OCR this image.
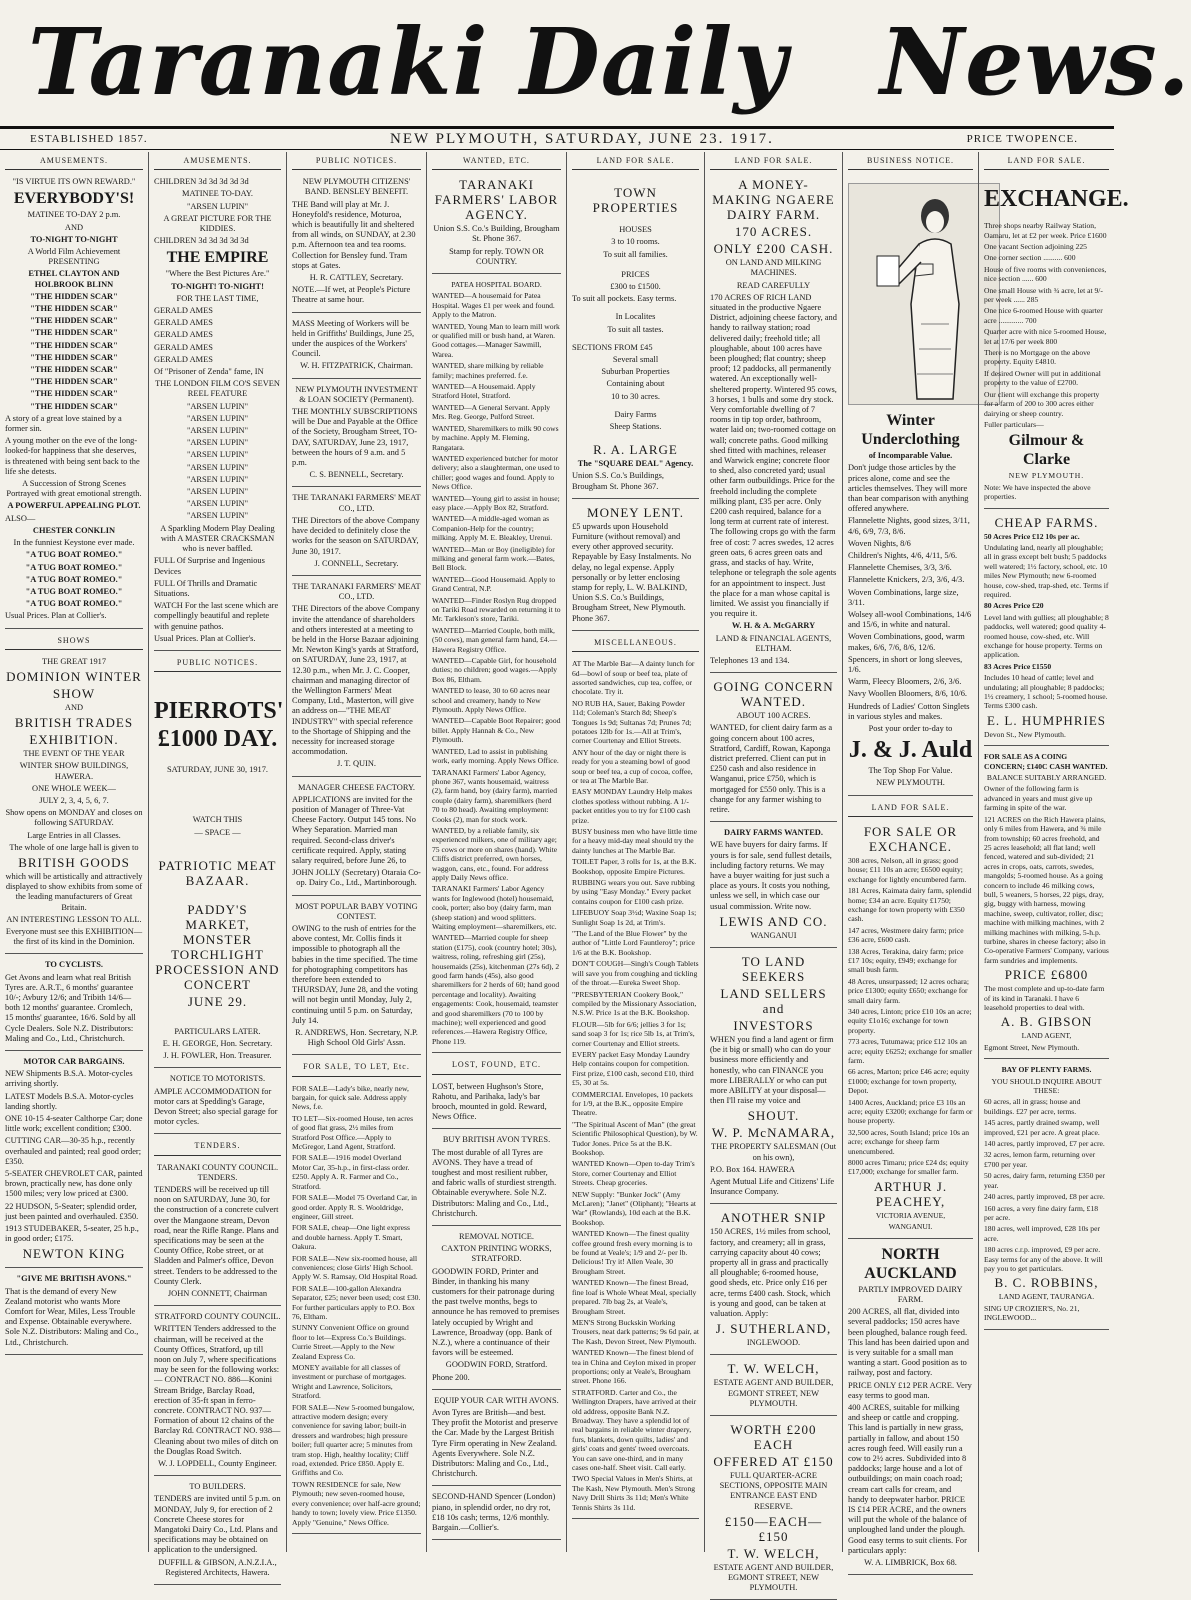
Taranaki Daily News.
ESTABLISHED 1857.	NEW PLYMOUTH, SATURDAY, JUNE 23. 1917.	PRICE TWOPENCE.
AMUSEMENTS.

"IS VIRTUE ITS OWN REWARD."

EVERYBODY'S!

MATINEE TO-DAY 2 p.m.

AND

TO-NIGHT TO-NIGHT

A World Film Achievement PRESENTING

ETHEL CLAYTON AND HOLBROOK BLINN

"THE HIDDEN SCAR"

"THE HIDDEN SCAR"

"THE HIDDEN SCAR"

"THE HIDDEN SCAR"

"THE HIDDEN SCAR"

"THE HIDDEN SCAR"

"THE HIDDEN SCAR"

"THE HIDDEN SCAR"

"THE HIDDEN SCAR"

"THE HIDDEN SCAR"

A story of a great love stained by a former sin.

A young mother on the eve of the long-looked-for happiness that she deserves, is threatened with being sent back to the life she detests.

A Succession of Strong Scenes Portrayed with great emotional strength.

A POWERFUL APPEALING PLOT.

ALSO—

CHESTER CONKLIN

In the funniest Keystone ever made.

"A TUG BOAT ROMEO."

"A TUG BOAT ROMEO."

"A TUG BOAT ROMEO."

"A TUG BOAT ROMEO."

"A TUG BOAT ROMEO."

Usual Prices. Plan at Collier's.

SHOWS

THE GREAT 1917

DOMINION WINTER

SHOW

AND

BRITISH TRADES

EXHIBITION.

THE EVENT OF THE YEAR

WINTER SHOW BUILDINGS, HAWERA.

ONE WHOLE WEEK—

JULY 2, 3, 4, 5, 6, 7.

Show opens on MONDAY and closes on following SATURDAY.

Large Entries in all Classes.

The whole of one large hall is given to

BRITISH GOODS

which will be artistically and attractively displayed to show exhibits from some of the leading manufacturers of Great Britain.

AN INTERESTING LESSON TO ALL.

Everyone must see this EXHIBITION—the first of its kind in the Dominion.

TO CYCLISTS.

Get Avons and learn what real British Tyres are. A.R.T., 6 months' guarantee 10/-; Avbury 12/6; and Tribith 14/6—both 12 months' guarantee. Cromlech, 15 months' guarantee, 16/6. Sold by all Cycle Dealers. Sole N.Z. Distributors: Maling and Co., Ltd., Christchurch.

MOTOR CAR BARGAINS.

NEW Shipments B.S.A. Motor-cycles arriving shortly.

LATEST Models B.S.A. Motor-cycles landing shortly.

ONE 10-15 4-seater Calthorpe Car; done little work; excellent condition; £300.

CUTTING CAR—30-35 h.p., recently overhauled and painted; real good order; £350.

5-SEATER CHEVROLET CAR, painted brown, practically new, has done only 1500 miles; very low priced at £300.

22 HUDSON, 5-Seater; splendid order, just been painted and overhauled. £350.

1913 STUDEBAKER, 5-seater, 25 h.p., in good order; £175.

NEWTON KING

"GIVE ME BRITISH AVONS."

That is the demand of every New Zealand motorist who wants More Comfort for Wear, Miles, Less Trouble and Expense. Obtainable everywhere. Sole N.Z. Distributors: Maling and Co., Ltd., Christchurch.

AMUSEMENTS.

CHILDREN 3d 3d 3d 3d 3d

MATINEE TO-DAY.

"ARSEN LUPIN"

A GREAT PICTURE FOR THE KIDDIES.

CHILDREN 3d 3d 3d 3d 3d

THE EMPIRE

"Where the Best Pictures Are."

TO-NIGHT! TO-NIGHT!

FOR THE LAST TIME,

GERALD AMES

GERALD AMES

GERALD AMES

GERALD AMES

GERALD AMES

Of "Prisoner of Zenda" fame, IN

THE LONDON FILM CO'S SEVEN REEL FEATURE

"ARSEN LUPIN"

"ARSEN LUPIN"

"ARSEN LUPIN"

"ARSEN LUPIN"

"ARSEN LUPIN"

"ARSEN LUPIN"

"ARSEN LUPIN"

"ARSEN LUPIN"

"ARSEN LUPIN"

"ARSEN LUPIN"

A Sparkling Modern Play Dealing with A MASTER CRACKSMAN who is never baffled.

FULL Of Surprise and Ingenious Devices

FULL Of Thrills and Dramatic Situations.

WATCH For the last scene which are compellingly beautiful and replete with genuine pathos.

Usual Prices. Plan at Collier's.

PUBLIC NOTICES.

PIERROTS' £1000 DAY.

SATURDAY, JUNE 30, 1917.

WATCH THIS

— SPACE —

PATRIOTIC MEAT BAZAAR.

PADDY'S MARKET, MONSTER TORCHLIGHT PROCESSION AND CONCERT

JUNE 29.

PARTICULARS LATER.

E. H. GEORGE, Hon. Secretary.

J. H. FOWLER, Hon. Treasurer.

NOTICE TO MOTORISTS.

AMPLE ACCOMMODATION for motor cars at Spedding's Garage, Devon Street; also special garage for motor cycles.

TENDERS.

TARANAKI COUNTY COUNCIL. TENDERS.

TENDERS will be received up till noon on SATURDAY, June 30, for the construction of a concrete culvert over the Mangaone stream, Devon road, near the Rifle Range. Plans and specifications may be seen at the County Office, Robe street, or at Sladden and Palmer's office, Devon street. Tenders to be addressed to the County Clerk.

JOHN CONNETT, Chairman

STRATFORD COUNTY COUNCIL.

WRITTEN Tenders addressed to the chairman, will be received at the County Offices, Stratford, up till noon on July 7, where specifications may be seen for the following works:— CONTRACT NO. 886—Konini Stream Bridge, Barclay Road, erection of 35-ft span in ferro-concrete. CONTRACT NO. 937—Formation of about 12 chains of the Barclay Rd. CONTRACT NO. 938—Cleaning about two miles of ditch on the Douglas Road Switch.

W. J. LOPDELL, County Engineer.

TO BUILDERS.

TENDERS are invited until 5 p.m. on MONDAY, July 9, for erection of 2 Concrete Cheese stores for Mangatoki Dairy Co., Ltd. Plans and specifications may be obtained on application to the undersigned.

DUFFILL & GIBSON, A.N.Z.I.A., Registered Architects, Hawera.

PUBLIC NOTICES.

NEW PLYMOUTH CITIZENS' BAND. BENSLEY BENEFIT.

THE Band will play at Mr. J. Honeyfold's residence, Moturoa, which is beautifully lit and sheltered from all winds, on SUNDAY, at 2.30 p.m. Afternoon tea and tea rooms. Collection for Bensley fund. Tram stops at Gates.

H. R. CATTLEY, Secretary.

NOTE.—If wet, at People's Picture Theatre at same hour.

MASS Meeting of Workers will be held in Griffiths' Buildings, June 25, under the auspices of the Workers' Council.

W. H. FITZPATRICK, Chairman.

NEW PLYMOUTH INVESTMENT & LOAN SOCIETY (Permanent).

THE MONTHLY SUBSCRIPTIONS will be Due and Payable at the Office of the Society, Brougham Street, TO-DAY, SATURDAY, June 23, 1917, between the hours of 9 a.m. and 5 p.m.

C. S. BENNELL, Secretary.

THE TARANAKI FARMERS' MEAT CO., LTD.

THE Directors of the above Company have decided to definitely close the works for the season on SATURDAY, June 30, 1917.

J. CONNELL, Secretary.

THE TARANAKI FARMERS' MEAT CO., LTD.

THE Directors of the above Company invite the attendance of shareholders and others interested at a meeting to be held in the Horse Bazaar adjoining Mr. Newton King's yards at Stratford, on SATURDAY, June 23, 1917, at 12.30 p.m., when Mr. J. C. Cooper, chairman and managing director of the Wellington Farmers' Meat Company, Ltd., Masterton, will give an address on—"THE MEAT INDUSTRY" with special reference to the Shortage of Shipping and the necessity for increased storage accommodation.

J. T. QUIN.

MANAGER CHEESE FACTORY.

APPLICATIONS are invited for the position of Manager of Three-Vat Cheese Factory. Output 145 tons. No Whey Separation. Married man required. Second-class driver's certificate required. Apply, stating salary required, before June 26, to

JOHN JOLLY (Secretary) Otaraia Co-op. Dairy Co., Ltd., Martinborough.

MOST POPULAR BABY VOTING CONTEST.

OWING to the rush of entries for the above contest, Mr. Collis finds it impossible to photograph all the babies in the time specified. The time for photographing competitors has therefore been extended to THURSDAY, June 28, and the voting will not begin until Monday, July 2, continuing until 5 p.m. on Saturday, July 14.

R. ANDREWS, Hon. Secretary, N.P. High School Old Girls' Assn.

FOR SALE, TO LET, Etc.

FOR SALE—Lady's bike, nearly new, bargain, for quick sale. Address apply News, f.e.

TO LET—Six-roomed House, ten acres of good flat grass, 2½ miles from Stratford Post Office.—Apply to McGregor, Land Agent, Stratford.

FOR SALE—1916 model Overland Motor Car, 35-h.p., in first-class order. £250. Apply A. R. Farmer and Co., Stratford.

FOR SALE—Model 75 Overland Car, in good order. Apply R. S. Wooldridge, engineer, Gill street.

FOR SALE, cheap—One light express and double harness. Apply T. Smart, Oakura.

FOR SALE—New six-roomed house, all conveniences; close Girls' High School. Apply W. S. Ramsay, Old Hospital Road.

FOR SALE—100-gallon Alexandra Separator, £25; never been used; cost £30. For further particulars apply to P.O. Box 76, Eltham.

SUNNY Convenient Office on ground floor to let—Express Co.'s Buildings. Currie Street.—Apply to the New Zealand Express Co.

MONEY available for all classes of investment or purchase of mortgages. Wright and Lawrence, Solicitors, Stratford.

FOR SALE—New 5-roomed bungalow, attractive modern design; every convenience for saving labor; built-in dressers and wardrobes; high pressure boiler; full quarter acre; 5 minutes from tram stop. High, healthy locality; Cliff road, extended. Price £850. Apply E. Griffiths and Co.

TOWN RESIDENCE for sale, New Plymouth; new seven-roomed house, every convenience; over half-acre ground; handy to town; lovely view. Price £1350. Apply "Genuine," News Office.

WANTED, ETC.

TARANAKI FARMERS' LABOR AGENCY.

Union S.S. Co.'s Building, Brougham St. Phone 367.

Stamp for reply. TOWN OR COUNTRY.

PATEA HOSPITAL BOARD.

WANTED—A housemaid for Patea Hospital. Wages £1 per week and found. Apply to the Matron.

WANTED, Young Man to learn mill work or qualified mill or bush hand, at Waren. Good cottages.—Manager Sawmill, Warea.

WANTED, share milking by reliable family; machines preferred. f.e.

WANTED—A Housemaid. Apply Stratford Hotel, Stratford.

WANTED—A General Servant. Apply Mrs. Reg. George, Pulford Street.

WANTED, Sharemilkers to milk 90 cows by machine. Apply M. Fleming, Rangatara.

WANTED experienced butcher for motor delivery; also a slaughterman, one used to chiller; good wages and found. Apply to News Office.

WANTED—Young girl to assist in house; easy place.—Apply Box 82, Stratford.

WANTED—A middle-aged woman as Companion-Help for the country; milking. Apply M. E. Bleakley, Urenui.

WANTED—Man or Boy (ineligible) for milking and general farm work.—Bates, Bell Block.

WANTED—Good Housemaid. Apply to Grand Central, N.P.

WANTED—Finder Roslyn Rug dropped on Tariki Road rewarded on returning it to Mr. Tarkleson's store, Tariki.

WANTED—Married Couple, both milk, (50 cows), man general farm hand, £4.—Hawera Registry Office.

WANTED—Capable Girl, for household duties; no children; good wages.—Apply Box 86, Eltham.

WANTED to lease, 30 to 60 acres near school and creamery, handy to New Plymouth. Apply News Office.

WANTED—Capable Boot Repairer; good billet. Apply Hannah & Co., New Plymouth.

WANTED, Lad to assist in publishing work, early morning. Apply News Office.

TARANAKI Farmers' Labor Agency, phone 367, wants housemaid, waitress (2), farm hand, boy (dairy farm), married couple (dairy farm), sharemilkers (herd 70 to 80 head). Awaiting employment: Cooks (2), man for stock work.

WANTED, by a reliable family, six experienced milkers, one of military age; 75 cows or more on shares (hand). White Cliffs district preferred, own horses, waggon, cans, etc., found. For address apply Daily News office.

TARANAKI Farmers' Labor Agency wants for Inglewood (hotel) housemaid, cook, porter; also boy (dairy farm, man (sheep station) and wood splitters. Waiting employment—sharemilkers, etc.

WANTED—Married couple for sheep station (£175), cook (country hotel; 30s), waitress, roling, refreshing girl (25s), housemaids (25s), kitchenman (27s 6d), 2 good farm hands (45s), also good sharemilkers for 2 herds of 60; hand good percentage and locality). Awaiting engagements: Cook, housemaid, teamster and good sharemilkers (70 to 100 by machine); well experienced and good references.—Hawera Registry Office, Phone 119.

LOST, FOUND, ETC.

LOST, between Hughson's Store, Rahotu, and Parihaka, lady's bar brooch, mounted in gold. Reward, News Office.

BUY BRITISH AVON TYRES.

The most durable of all Tyres are AVONS. They have a tread of toughest and most resilient rubber, and fabric walls of sturdiest strength. Obtainable everywhere. Sole N.Z. Distributors: Maling and Co., Ltd., Christchurch.

REMOVAL NOTICE.

CAXTON PRINTING WORKS, STRATFORD.

GOODWIN FORD, Printer and Binder, in thanking his many customers for their patronage during the past twelve months, begs to announce he has removed to premises lately occupied by Wright and Lawrence, Broadway (opp. Bank of N.Z.), where a continuance of their favors will be esteemed.

GOODWIN FORD, Stratford.

Phone 200.

EQUIP YOUR CAR WITH AVONS.

Avon Tyres are British—and best. They profit the Motorist and preserve the Car. Made by the Largest British Tyre Firm operating in New Zealand. Agents Everywhere. Sole N.Z. Distributors: Maling and Co., Ltd., Christchurch.

SECOND-HAND Spencer (London) piano, in splendid order, no dry rot, £18 10s cash; terms, 12/6 monthly. Bargain.—Collier's.

LAND FOR SALE.

TOWN PROPERTIES

HOUSES

3 to 10 rooms.

To suit all families.

PRICES

£300 to £1500.

To suit all pockets. Easy terms.

In Localites

To suit all tastes.

SECTIONS FROM £45

Several small

Suburban Properties

Containing about

10 to 30 acres.

Dairy Farms

Sheep Stations.

R. A. LARGE

The "SQUARE DEAL" Agency.

Union S.S. Co.'s Buildings, Brougham St. Phone 367.

MONEY LENT.

£5 upwards upon Household Furniture (without removal) and every other approved security. Repayable by Easy Instalments. No delay, no legal expense. Apply personally or by letter enclosing stamp for reply, L. W. BALKIND, Union S.S. Co.'s Buildings, Brougham Street, New Plymouth. Phone 367.

MISCELLANEOUS.

AT The Marble Bar—A dainty lunch for 6d—bowl of soup or beef tea, plate of assorted sandwiches, cup tea, coffee, or chocolate. Try it.

NO RUB HA, Sauer, Baking Powder 11d; Coleman's Starch 8d; Sheep's Tongues 1s 9d; Sultanas 7d; Prunes 7d; potatoes 12lb for 1s.—All at Trim's, corner Courtenay and Elliot Streets.

ANY hour of the day or night there is ready for you a steaming bowl of good soup or beef tea, a cup of cocoa, coffee, or tea at The Marble Bar.

EASY MONDAY Laundry Help makes clothes spotless without rubbing. A 1/- packet entitles you to try for £100 cash prize.

BUSY business men who have little time for a heavy mid-day meal should try the dainty lunches at The Marble Bar.

TOILET Paper, 3 rolls for 1s, at the B.K. Bookshop, opposite Empire Pictures.

RUBBING wears you out. Save rubbing by using "Easy Monday." Every packet contains coupon for £100 cash prize.

LIFEBUOY Soap 3½d; Waxine Soap 1s; Sunlight Soap 1s 2d, at Trim's.

"The Land of the Blue Flower" by the author of "Little Lord Fauntleroy"; price 1/6 at the B.K. Bookshop.

DON'T COUGH—Singh's Cough Tablets will save you from coughing and tickling of the throat.—Eureka Sweet Shop.

"PRESBYTERIAN Cookery Book," compiled by the Missionary Association, N.S.W. Price 1s at the B.K. Bookshop.

FLOUR—5lb for 6/6; jellies 3 for 1s; sand soap 3 for 1s; rice 5lb 1s, at Trim's, corner Courtenay and Elliot streets.

EVERY packet Easy Monday Laundry Help contains coupon for competition. First prize, £100 cash, second £10, third £5, 30 at 5s.

COMMERCIAL Envelopes, 10 packets for 1/9, at the B.K., opposite Empire Theatre.

"The Spiritual Ascent of Man" (the great Scientific Philosophical Question), by W. Tudor Jones. Price 5s at the B.K. Bookshop.

WANTED Known—Open to-day Trim's Store, corner Courtenay and Elliot Streets. Cheap groceries.

NEW Supply: "Bunker Jock" (Amy McLaren); "Janet" (Oliphant); "Hearts at War" (Rowlands), 10d each at the B.K. Bookshop.

WANTED Known—The finest quality coffee ground fresh every morning is to be found at Veale's; 1/9 and 2/- per lb. Delicious! Try it! Allen Veale, 30 Brougham Street.

WANTED Known—The finest Bread, fine loaf is Whole Wheat Meal, specially prepared. 7lb bag 2s, at Veale's, Brougham Street.

MEN'S Strong Buckskin Working Trousers, neat dark patterns; 9s 6d pair, at The Kash, Devon Street, New Plymouth.

WANTED Known—The finest blend of tea in China and Ceylon mixed in proper proportions; only at Veale's, Brougham street. Phone 166.

STRATFORD. Carter and Co., the Wellington Drapers, have arrived at their old address, opposite Bank N.Z. Broadway. They have a splendid lot of real bargains in reliable winter drapery, furs, blankets, down quilts, ladies' and girls' coats and gents' tweed overcoats. You can save one-third, and in many cases one-half. Sheet visit. Call early.

TWO Special Values in Men's Shirts, at The Kash, New Plymouth. Men's Strong Navy Drill Shirts 3s 11d; Men's White Tennis Shirts 3s 11d.

LAND FOR SALE.

A MONEY-MAKING NGAERE DAIRY FARM.

170 ACRES.

ONLY £200 CASH.

ON LAND AND MILKING MACHINES.

READ CAREFULLY

170 ACRES OF RICH LAND situated in the productive Ngaere District, adjoining cheese factory, and handy to railway station; road delivered daily; freehold title; all ploughable, about 100 acres have been ploughed; flat country; sheep proof; 12 paddocks, all permanently watered. An exceptionally well-sheltered property. Wintered 95 cows, 3 horses, 1 bulls and some dry stock. Very comfortable dwelling of 7 rooms in tip top order, bathroom, water laid on; two-roomed cottage on wall; concrete paths. Good milking shed fitted with machines, releaser and Warwick engine; concrete floor to shed, also concreted yard; usual other farm outbuildings. Price for the freehold including the complete milking plant, £35 per acre. Only £200 cash required, balance for a long term at current rate of interest. The following crops go with the farm free of cost: 7 acres swedes, 12 acres green oats, 6 acres green oats and grass, and stacks of hay. Write, telephone or telegraph the sole agents for an appointment to inspect. Just the place for a man whose capital is limited. We assist you financially if you require it.

W. H. & A. McGARRY

LAND & FINANCIAL AGENTS, ELTHAM.

Telephones 13 and 134.

GOING CONCERN WANTED.

ABOUT 100 ACRES.

WANTED, for client dairy farm as a going concern about 100 acres, Stratford, Cardiff, Rowan, Kaponga district preferred. Client can put in £250 cash and also residence in Wanganui, price £750, which is mortgaged for £550 only. This is a change for any farmer wishing to retire.

DAIRY FARMS WANTED.

WE have buyers for dairy farms. If yours is for sale, send fullest details, including factory returns. We may have a buyer waiting for just such a place as yours. It costs you nothing, unless we sell, in which case our usual commission. Write now.

LEWIS AND CO.

WANGANUI

TO LAND SEEKERS

LAND SELLERS and

INVESTORS

WHEN you find a land agent or firm (be it big or small) who can do your business more efficiently and honestly, who can FINANCE you more LIBERALLY or who can put more ABILITY at your disposal—then I'll raise my voice and

SHOUT.

W. P. McNAMARA,

THE PROPERTY SALESMAN (Out on his own),

P.O. Box 164. HAWERA

Agent Mutual Life and Citizens' Life Insurance Company.

ANOTHER SNIP

150 ACRES, 1½ miles from school, factory, and creamery; all in grass, carrying capacity about 40 cows; property all in grass and practically all ploughable; 6-roomed house, good sheds, etc. Price only £16 per acre, terms £400 cash. Stock, which is young and good, can be taken at valuation. Apply:

J. SUTHERLAND,

INGLEWOOD.

T. W. WELCH,

ESTATE AGENT AND BUILDER, EGMONT STREET, NEW PLYMOUTH.

WORTH £200 EACH

OFFERED AT £150

FULL QUARTER-ACRE SECTIONS, OPPOSITE MAIN ENTRANCE EAST END RESERVE.

£150—EACH—£150

T. W. WELCH,

ESTATE AGENT AND BUILDER, EGMONT STREET, NEW PLYMOUTH.

BUSINESS NOTICE.

Winter Underclothing

of Incomparable Value.

Don't judge those articles by the prices alone, come and see the articles themselves. They will more than bear comparison with anything offered anywhere.

Flannelette Nights, good sizes, 3/11, 4/6, 6/9, 7/3, 8/6.

Woven Nights, 8/6

Children's Nights, 4/6, 4/11, 5/6.

Flannelette Chemises, 3/3, 3/6.

Flannelette Knickers, 2/3, 3/6, 4/3.

Woven Combinations, large size, 3/11.

Wolsey all-wool Combinations, 14/6 and 15/6, in white and natural.

Woven Combinations, good, warm makes, 6/6, 7/6, 8/6, 12/6.

Spencers, in short or long sleeves, 1/6.

Warm, Fleecy Bloomers, 2/6, 3/6.

Navy Woollen Bloomers, 8/6, 10/6.

Hundreds of Ladies' Cotton Singlets in various styles and makes.

Post your order to-day to

J. & J. Auld

The Top Shop For Value.

NEW PLYMOUTH.

LAND FOR SALE.

FOR SALE OR EXCHANCE.

308 acres, Nelson, all in grass; good house; £11 10s an acre; £6500 equity; exchange for lightly encumbered farm.

181 Acres, Kaimata dairy farm, splendid home; £34 an acre. Equity £1750; exchange for town property with £350 cash.

147 acres, Westmere dairy farm; price £36 acre, £600 cash.

138 Acres, Terakina, dairy farm; price £17 10s; equity, £949; exchange for small bush farm.

48 Acres, unsurpassed; 12 acres ochara; price £1300; equity £650; exchange for small dairy farm.

340 acres, Linton; price £10 10s an acre; equity £1o16; exchange for town property.

773 acres, Tutumawa; price £12 10s an acre; equity £6252; exchange for smaller farm.

66 acres, Marton; price £46 acre; equity £1000; exchange for town property, Depot.

1400 Acres, Auckland; price £3 10s an acre; equity £3200; exchange for farm or house property.

32,500 acres, South Island; price 10s an acre; exchange for sheep farm unencumbered.

8000 acres Timaru; price £24 ds; equity £17,000; exchange for smaller farm.

ARTHUR J. PEACHEY,

VICTORIA AVENUE,

WANGANUI.

NORTH AUCKLAND

PARTLY IMPROVED DAIRY FARM.

200 ACRES, all flat, divided into several paddocks; 150 acres have been ploughed, balance rough feed. This land has been dairied upon and is very suitable for a small man wanting a start. Good position as to railway, post and factory.

PRICE ONLY £12 PER ACRE. Very easy terms to good man.

400 ACRES, suitable for milking and sheep or cattle and cropping. This land is partially in new grass, partially in fallow, and about 150 acres rough feed. Will easily run a cow to 2½ acres. Subdivided into 8 paddocks; large house and a lot of outbuildings; on main coach road; cream cart calls for cream, and handy to deepwater harbor. PRICE IS £14 PER ACRE, and the owners will put the whole of the balance of unploughed land under the plough. Good easy terms to suit clients. For particulars apply:

W. A. LIMBRICK, Box 68.

LAND FOR SALE.

EXCHANGE.

Three shops nearby Railway Station, Oamaru, let at £2 per week. Price £1600

One vacant Section adjoining 225

One corner section .......... 600

House of five rooms with conveniences, nice section ...... 600

One small House with ¾ acre, let at 9/- per week ...... 285

One nice 6-roomed House with quarter acre ............. 700

Quarter acre with nice 5-roomed House, let at 17/6 per week 800

There is no Mortgage on the above property. Equity £4810.

If desired Owner will put in additional property to the value of £2700.

Our client will exchange this property for a farm of 200 to 300 acres either dairying or sheep country.

Fuller particulars—

Gilmour & Clarke

NEW PLYMOUTH.

Note: We have inspected the above properties.

CHEAP FARMS.

50 Acres Price £12 10s per ac.

Undulating land, nearly all ploughable; all in grass except belt bush; 5 paddocks well watered; 1½ factory, school, etc. 10 miles New Plymouth; new 6-roomed house, cow-shed, trap-shed, etc. Terms if required.

80 Acres Price £20

Level land with gullies; all ploughable; 8 paddocks, well watered; good quality 4-roomed house, cow-shed, etc. Will exchange for house property. Terms on application.

83 Acres Price £1550

Includes 10 head of cattle; level and undulating; all ploughable; 8 paddocks; 1½ creamery, 1 school; 5-roomed house. Terms £300 cash.

E. L. HUMPHRIES

Devon St., New Plymouth.

FOR SALE AS A COING CONCERN; £140C CASH WANTED.

BALANCE SUITABLY ARRANGED.

Owner of the following farm is advanced in years and must give up farming in spite of the war.

121 ACRES on the Rich Hawera plains, only 6 miles from Hawera, and ¾ mile from township; 60 acres freehold, and 25 acres leasehold; all flat land; well fenced, watered and sub-divided; 21 acres in crops, oats, carrots, swedes, mangolds; 5-roomed house. As a going concern to include 46 milking cows, bull, 5 weaners, 5 horses, 22 pigs, dray, gig, buggy with harness, mowing machine, sweep, cultivator, roller, disc; machine with milking machines, with 2 milking machines with milking, 5-h.p. turbine, shares in cheese factory; also in Co-operative Farmers' Company, various farm sundries and implements.

PRICE £6800

The most complete and up-to-date farm of its kind in Taranaki. I have 6 leasehold properties to deal with.

A. B. GIBSON

LAND AGENT,

Egmont Street, New Plymouth.

BAY OF PLENTY FARMS.

YOU SHOULD INQUIRE ABOUT THESE:

60 acres, all in grass; house and buildings. £27 per acre, terms.

145 acres, partly drained swamp, well improved, £21 per acre. A great place.

140 acres, partly improved, £7 per acre.

32 acres, lemon farm, returning over £700 per year.

50 acres, dairy farm, returning £350 per year.

240 acres, partly improved, £8 per acre.

160 acres, a very fine dairy farm, £18 per acre.

180 acres, well improved, £28 10s per acre.

180 acres c.r.p. improved, £9 per acre. Easy terms for any of the above. It will pay you to get particulars.

B. C. ROBBINS,

LAND AGENT, TAURANGA.

SING UP CROZIER'S, No. 21, INGLEWOOD...
